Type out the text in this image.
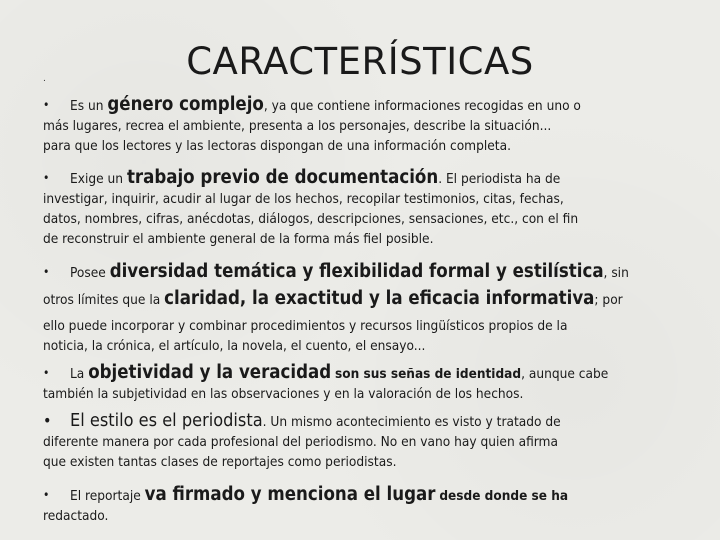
CARACTERÍSTICAS
.
•	Es un género complejo, ya que contiene informaciones recogidas en uno o
más lugares, recrea el ambiente, presenta a los personajes, describe la situación...
para que los lectores y las lectoras dispongan de una información completa.
•	Exige un trabajo previo de documentación. El periodista ha de
investigar, inquirir, acudir al lugar de los hechos, recopilar testimonios, citas, fechas,
datos, nombres, cifras, anécdotas, diálogos, descripciones, sensaciones, etc., con el fin
de reconstruir el ambiente general de la forma más fiel posible.
•	Posee diversidad temática y flexibilidad formal y estilística, sin
otros límites que la claridad, la exactitud y la eficacia informativa; por
ello puede incorporar y combinar procedimientos y recursos lingüísticos propios de la
noticia, la crónica, el artículo, la novela, el cuento, el ensayo...
•	La objetividad y la veracidad son sus señas de identidad, aunque cabe
también la subjetividad en las observaciones y en la valoración de los hechos.
•	El estilo es el periodista. Un mismo acontecimiento es visto y tratado de
diferente manera por cada profesional del periodismo. No en vano hay quien afirma
que existen tantas clases de reportajes como periodistas.
•	El reportaje va firmado y menciona el lugar desde donde se ha
redactado.
